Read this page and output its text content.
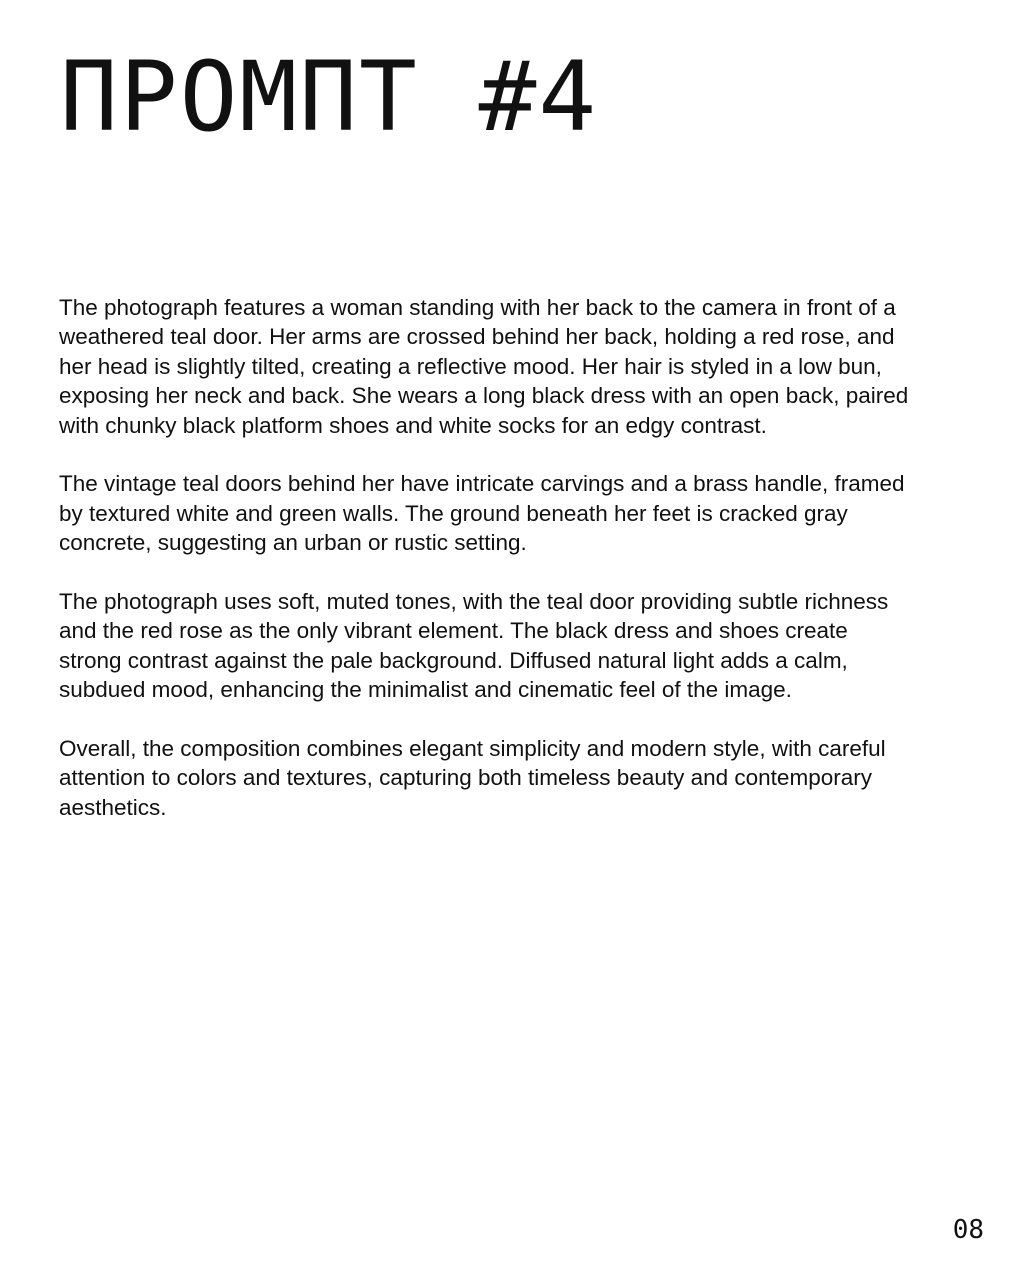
ПРОМПТ #4

The photograph features a woman standing with her back to the camera in front of a weathered teal door. Her arms are crossed behind her back, holding a red rose, and her head is slightly tilted, creating a reflective mood. Her hair is styled in a low bun, exposing her neck and back. She wears a long black dress with an open back, paired with chunky black platform shoes and white socks for an edgy contrast.

The vintage teal doors behind her have intricate carvings and a brass handle, framed by textured white and green walls. The ground beneath her feet is cracked gray concrete, suggesting an urban or rustic setting.

The photograph uses soft, muted tones, with the teal door providing subtle richness and the red rose as the only vibrant element. The black dress and shoes create strong contrast against the pale background. Diffused natural light adds a calm, subdued mood, enhancing the minimalist and cinematic feel of the image.

Overall, the composition combines elegant simplicity and modern style, with careful attention to colors and textures, capturing both timeless beauty and contemporary aesthetics.

08
